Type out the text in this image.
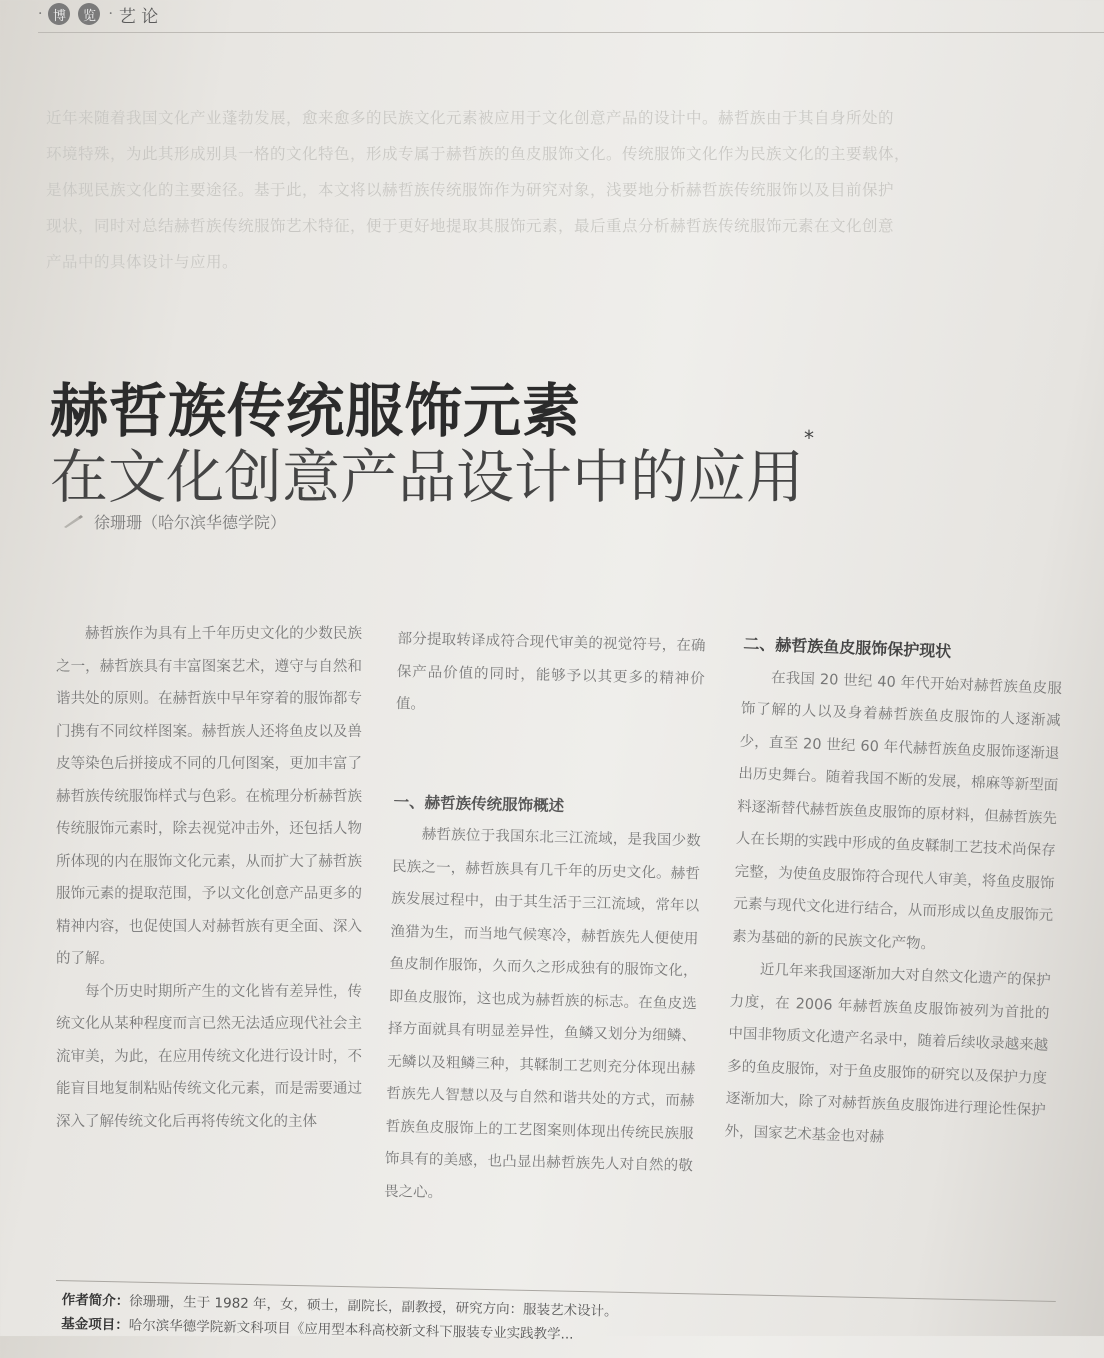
· 博	览 · 艺 论

近年来随着我国文化产业蓬勃发展，愈来愈多的民族文化元素被应用于文化创意产品的设计中。赫哲族由于其自身所处的

环境特殊，为此其形成别具一格的文化特色，形成专属于赫哲族的鱼皮服饰文化。传统服饰文化作为民族文化的主要载体，

是体现民族文化的主要途径。基于此，本文将以赫哲族传统服饰作为研究对象，浅要地分析赫哲族传统服饰以及目前保护

现状，同时对总结赫哲族传统服饰艺术特征，便于更好地提取其服饰元素，最后重点分析赫哲族传统服饰元素在文化创意

产品中的具体设计与应用。

赫哲族传统服饰元素
在文化创意产品设计中的应用*
徐珊珊（哈尔滨华德学院）

赫哲族作为具有上千年历史文化的少数民族之一，赫哲族具有丰富图案艺术，遵守与自然和谐共处的原则。在赫哲族中早年穿着的服饰都专门携有不同纹样图案。赫哲族人还将鱼皮以及兽皮等染色后拼接成不同的几何图案，更加丰富了赫哲族传统服饰样式与色彩。在梳理分析赫哲族传统服饰元素时，除去视觉冲击外，还包括人物所体现的内在服饰文化元素，从而扩大了赫哲族服饰元素的提取范围，予以文化创意产品更多的精神内容，也促使国人对赫哲族有更全面、深入的了解。

每个历史时期所产生的文化皆有差异性，传统文化从某种程度而言已然无法适应现代社会主流审美，为此，在应用传统文化进行设计时，不能盲目地复制粘贴传统文化元素，而是需要通过深入了解传统文化后再将传统文化的主体

部分提取转译成符合现代审美的视觉符号，在确保产品价值的同时，能够予以其更多的精神价值。

一、赫哲族传统服饰概述

赫哲族位于我国东北三江流域，是我国少数民族之一，赫哲族具有几千年的历史文化。赫哲族发展过程中，由于其生活于三江流域，常年以渔猎为生，而当地气候寒冷，赫哲族先人便使用鱼皮制作服饰，久而久之形成独有的服饰文化，即鱼皮服饰，这也成为赫哲族的标志。在鱼皮选择方面就具有明显差异性，鱼鳞又划分为细鳞、无鳞以及粗鳞三种，其鞣制工艺则充分体现出赫哲族先人智慧以及与自然和谐共处的方式，而赫哲族鱼皮服饰上的工艺图案则体现出传统民族服饰具有的美感，也凸显出赫哲族先人对自然的敬畏之心。

二、赫哲族鱼皮服饰保护现状

在我国 20 世纪 40 年代开始对赫哲族鱼皮服饰了解的人以及身着赫哲族鱼皮服饰的人逐渐减少，直至 20 世纪 60 年代赫哲族鱼皮服饰逐渐退出历史舞台。随着我国不断的发展，棉麻等新型面料逐渐替代赫哲族鱼皮服饰的原材料，但赫哲族先人在长期的实践中形成的鱼皮鞣制工艺技术尚保存完整，为使鱼皮服饰符合现代人审美，将鱼皮服饰元素与现代文化进行结合，从而形成以鱼皮服饰元素为基础的新的民族文化产物。

近几年来我国逐渐加大对自然文化遗产的保护力度，在 2006 年赫哲族鱼皮服饰被列为首批的中国非物质文化遗产名录中，随着后续收录越来越多的鱼皮服饰，对于鱼皮服饰的研究以及保护力度逐渐加大，除了对赫哲族鱼皮服饰进行理论性保护外，国家艺术基金也对赫

作者简介：徐珊珊，生于 1982 年，女，硕士，副院长，副教授，研究方向：服装艺术设计。
基金项目：哈尔滨华德学院新文科项目《应用型本科高校新文科下服装专业实践教学...
